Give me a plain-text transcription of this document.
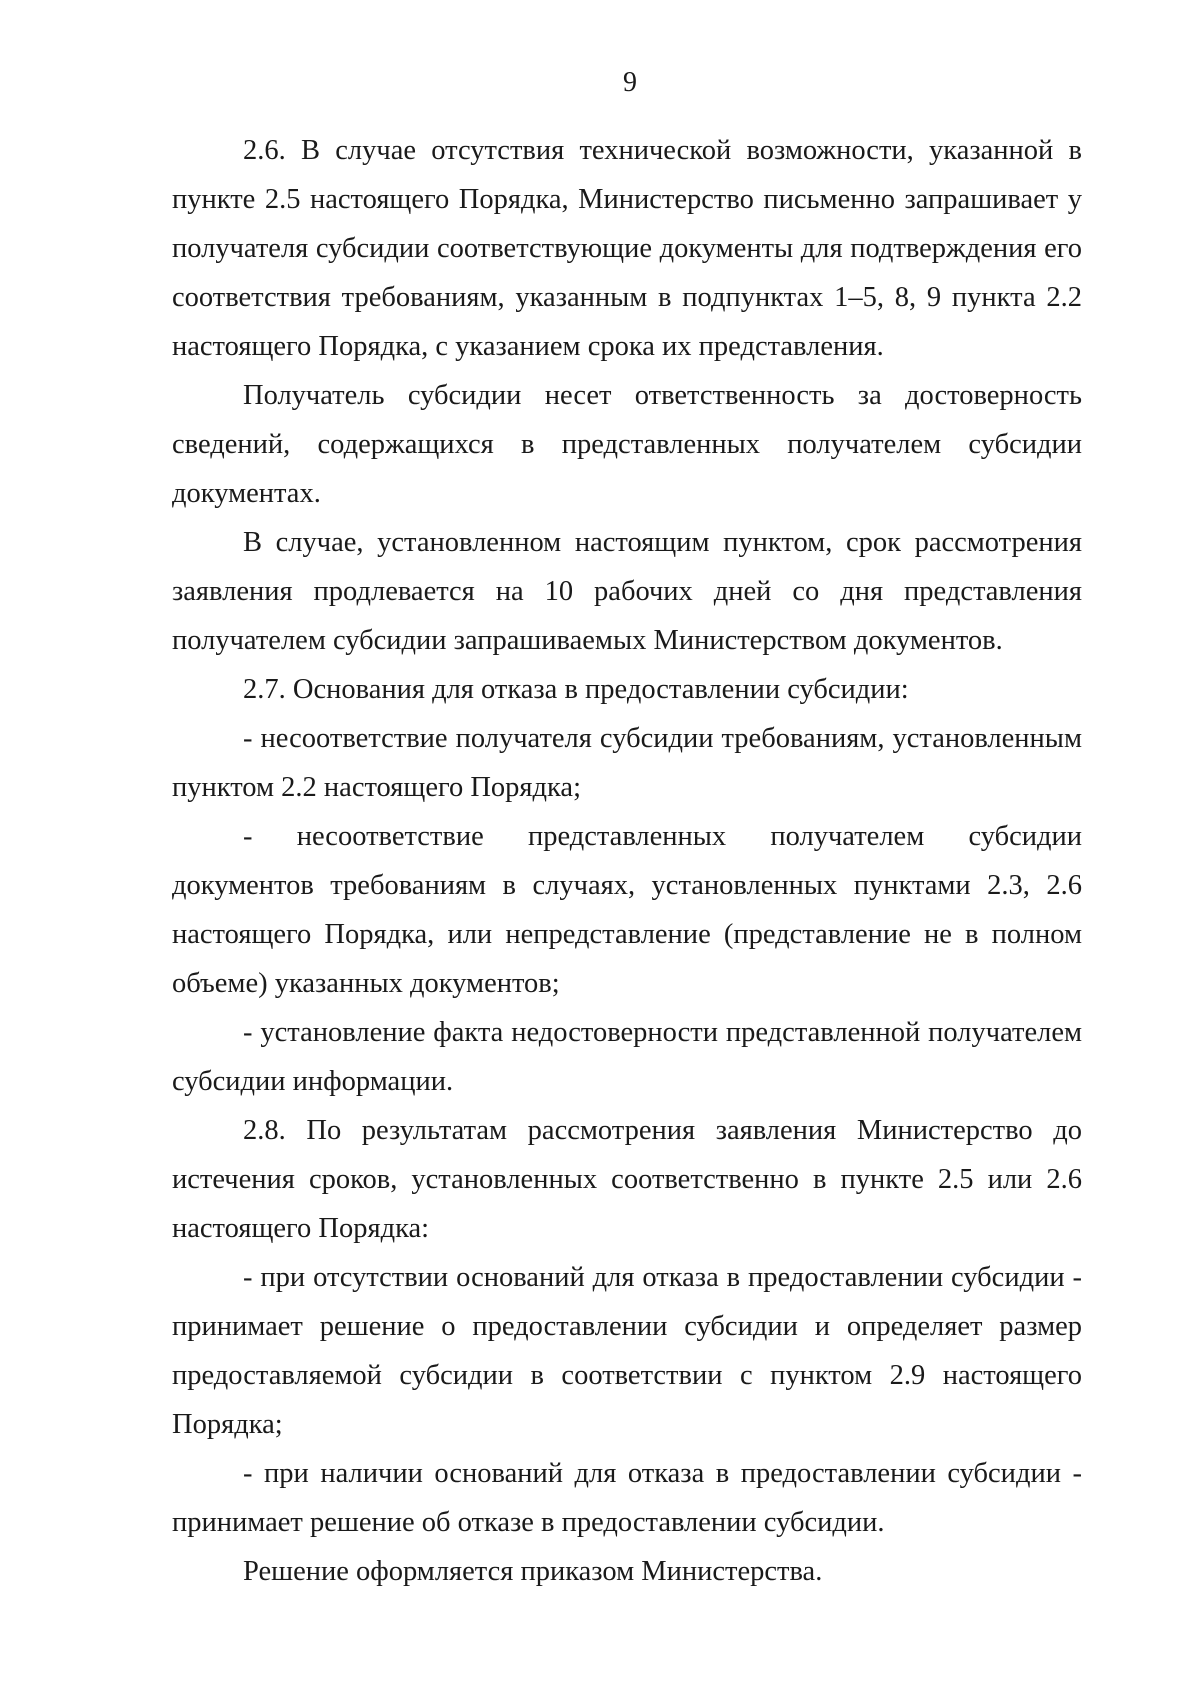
9

2.6. В случае отсутствия технической возможности, указанной в пункте 2.5 настоящего Порядка, Министерство письменно запрашивает у получателя субсидии соответствующие документы для подтверждения его соответствия требованиям, указанным в подпунктах 1–5, 8, 9 пункта 2.2 настоящего Порядка, с указанием срока их представления.

Получатель субсидии несет ответственность за достоверность сведений, содержащихся в представленных получателем субсидии документах.

В случае, установленном настоящим пунктом, срок рассмотрения заявления продлевается на 10 рабочих дней со дня представления получателем субсидии запрашиваемых Министерством документов.

2.7. Основания для отказа в предоставлении субсидии:

- несоответствие получателя субсидии требованиям, установленным пунктом 2.2 настоящего Порядка;

- несоответствие представленных получателем субсидии документов требованиям в случаях, установленных пунктами 2.3, 2.6 настоящего Порядка, или непредставление (представление не в полном объеме) указанных документов;

- установление факта недостоверности представленной получателем субсидии информации.

2.8. По результатам рассмотрения заявления Министерство до истечения сроков, установленных соответственно в пункте 2.5 или 2.6 настоящего Порядка:

- при отсутствии оснований для отказа в предоставлении субсидии - принимает решение о предоставлении субсидии и определяет размер предоставляемой субсидии в соответствии с пунктом 2.9 настоящего Порядка;

- при наличии оснований для отказа в предоставлении субсидии - принимает решение об отказе в предоставлении субсидии.

Решение оформляется приказом Министерства.
